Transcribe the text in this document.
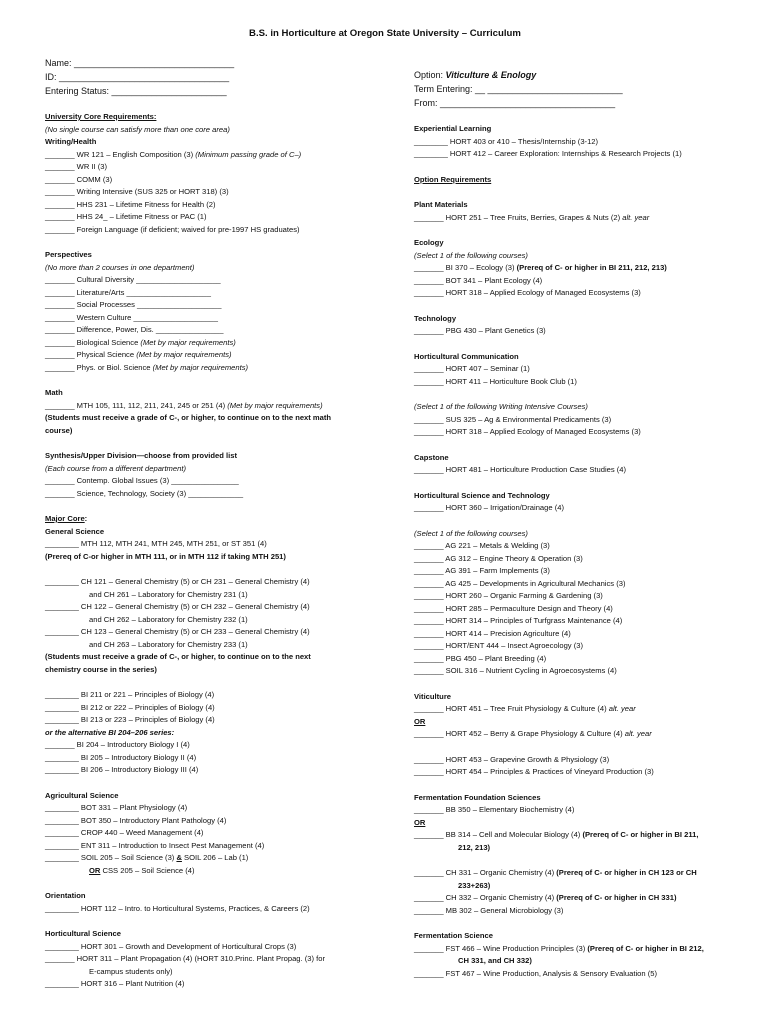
B.S. in Horticulture at Oregon State University – Curriculum
Name: ________________________________
ID: __________________________________
Entering Status: _______________________
University Core Requirements:
(No single course can satisfy more than one core area)
Writing/Health
_______ WR 121 – English Composition (3) (Minimum passing grade of C–)
_______ WR II (3)
_______ COMM (3)
_______ Writing Intensive (SUS 325 or HORT 318) (3)
_______ HHS 231 – Lifetime Fitness for Health (2)
_______ HHS 24_ – Lifetime Fitness or PAC (1)
_______ Foreign Language (if deficient; waived for pre-1997 HS graduates)
Perspectives
(No more than 2 courses in one department)
_______ Cultural Diversity ____________________
_______ Literature/Arts ____________________
_______ Social Processes ____________________
_______ Western Culture ____________________
_______ Difference, Power, Dis. ________________
_______ Biological Science (Met by major requirements)
_______ Physical Science (Met by major requirements)
_______ Phys. or Biol. Science (Met by major requirements)
Math
_______ MTH 105, 111, 112, 211, 241, 245 or 251 (4) (Met by major requirements)
(Students must receive a grade of C-, or higher, to continue on to the next math
course)
Synthesis/Upper Division—choose from provided list
(Each course from a different department)
_______ Contemp. Global Issues (3) ________________
_______ Science, Technology, Society (3) _____________
Major Core:
General Science
________ MTH 112, MTH 241, MTH 245, MTH 251, or ST 351 (4)
(Prereq of C-or higher in MTH 111, or in MTH 112 if taking MTH 251)
________ CH 121 – General Chemistry (5) or CH 231 – General Chemistry (4)
and CH 261 – Laboratory for Chemistry 231 (1)
________ CH 122 – General Chemistry (5) or CH 232 – General Chemistry (4)
and CH 262 – Laboratory for Chemistry 232 (1)
________ CH 123 – General Chemistry (5) or CH 233 – General Chemistry (4)
and CH 263 – Laboratory for Chemistry 233 (1)
(Students must receive a grade of C-, or higher, to continue on to the next
chemistry course in the series)
________ BI 211 or 221 – Principles of Biology (4)
________ BI 212 or 222 – Principles of Biology (4)
________ BI 213 or 223 – Principles of Biology (4)
or the alternative BI 204–206 series:
_______ BI 204 – Introductory Biology I (4)
________ BI 205 – Introductory Biology II (4)
________ BI 206 – Introductory Biology III (4)
Agricultural Science
________ BOT 331 – Plant Physiology (4)
________ BOT 350 – Introductory Plant Pathology (4)
________ CROP 440 – Weed Management (4)
________ ENT 311 – Introduction to Insect Pest Management (4)
________ SOIL 205 – Soil Science (3) & SOIL 206 – Lab (1)
OR CSS 205 – Soil Science (4)
Orientation
________ HORT 112 – Intro. to Horticultural Systems, Practices, & Careers (2)
Horticultural Science
________ HORT 301 – Growth and Development of Horticultural Crops (3)
_______ HORT 311 – Plant Propagation (4) (HORT 310.Princ. Plant Propag. (3) for
E-campus students only)
________ HORT 316 – Plant Nutrition (4)
Option: Viticulture & Enology
Term Entering: __ ___________________________
From: ___________________________________
Experiential Learning
________ HORT 403 or 410 – Thesis/Internship (3-12)
________ HORT 412 – Career Exploration: Internships & Research Projects (1)
Option Requirements
Plant Materials
_______ HORT 251 – Tree Fruits, Berries, Grapes & Nuts (2) alt. year
Ecology
(Select 1 of the following courses)
_______ BI 370 – Ecology (3) (Prereq of C- or higher in BI 211, 212, 213)
_______ BOT 341 – Plant Ecology (4)
_______ HORT 318 – Applied Ecology of Managed Ecosystems (3)
Technology
_______ PBG 430 – Plant Genetics (3)
Horticultural Communication
_______ HORT 407 – Seminar (1)
_______ HORT 411 – Horticulture Book Club (1)
(Select 1 of the following Writing Intensive Courses)
_______ SUS 325 – Ag & Environmental Predicaments (3)
_______ HORT 318 – Applied Ecology of Managed Ecosystems (3)
Capstone
_______ HORT 481 – Horticulture Production Case Studies (4)
Horticultural Science and Technology
_______ HORT 360 – Irrigation/Drainage (4)
(Select 1 of the following courses)
_______ AG 221 – Metals & Welding (3)
_______ AG 312 – Engine Theory & Operation (3)
_______ AG 391 – Farm Implements (3)
_______ AG 425 – Developments in Agricultural Mechanics (3)
_______ HORT 260 – Organic Farming & Gardening (3)
_______ HORT 285 – Permaculture Design and Theory (4)
_______ HORT 314 – Principles of Turfgrass Maintenance (4)
_______ HORT 414 – Precision Agriculture (4)
_______ HORT/ENT 444 – Insect Agroecology (3)
_______ PBG 450 – Plant Breeding (4)
_______ SOIL 316 – Nutrient Cycling in Agroecosystems (4)
Viticulture
_______ HORT 451 – Tree Fruit Physiology & Culture (4) alt. year
OR
_______ HORT 452 – Berry & Grape Physiology & Culture (4) alt. year
_______ HORT 453 – Grapevine Growth & Physiology (3)
_______ HORT 454 – Principles & Practices of Vineyard Production (3)
Fermentation Foundation Sciences
_______ BB 350 – Elementary Biochemistry (4)
OR
_______ BB 314 – Cell and Molecular Biology (4) (Prereq of C- or higher in BI 211,
212, 213)
_______ CH 331 – Organic Chemistry (4) (Prereq of C- or higher in CH 123 or CH
233+263)
_______ CH 332 – Organic Chemistry (4) (Prereq of C- or higher in CH 331)
_______ MB 302 – General Microbiology (3)
Fermentation Science
_______ FST 466 – Wine Production Principles (3) (Prereq of C- or higher in BI 212,
CH 331, and CH 332)
_______ FST 467 – Wine Production, Analysis & Sensory Evaluation (5)
